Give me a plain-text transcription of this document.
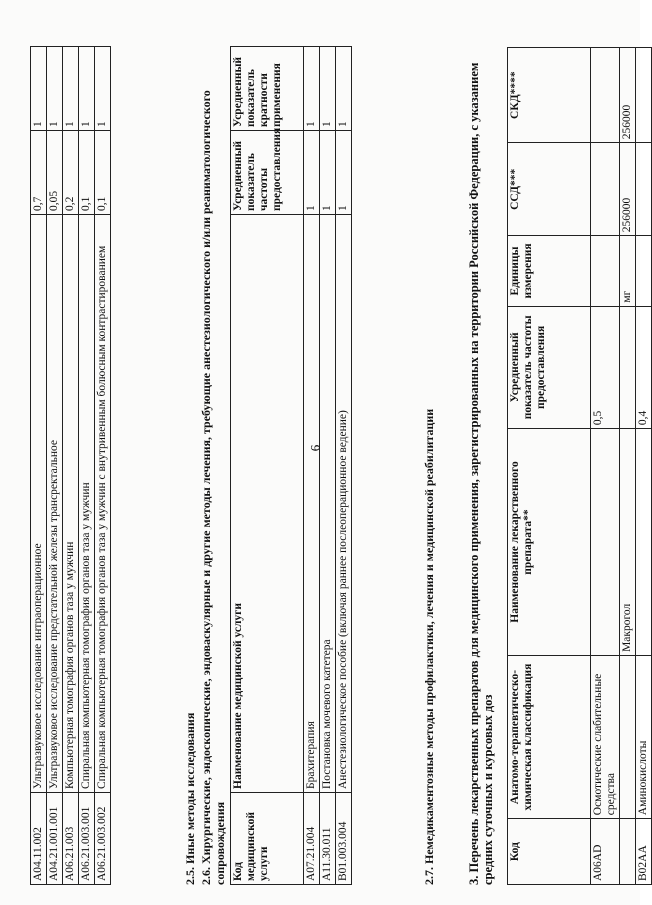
A04.11.002	Ультразвуковое исследование интраоперационное	0,7	1
A04.21.001.001	Ультразвуковое исследование предстательной железы трансректальное	0,05	1
A06.21.003	Компьютерная томография органов таза у мужчин	0,2	1
A06.21.003.001	Спиральная компьютерная томография органов таза у мужчин	0,1	1
A06.21.003.002	Спиральная компьютерная томография органов таза у мужчин с внутривенным болюсным контрастированием	0,1	1
2.5. Иные методы исследования 2.6. Хирургические, эндоскопические, эндоваскулярные и другие методы лечения, требующие анестезиологического и/или реаниматологического сопровождения Код медицинской услуги	Наименование медицинской услуги	Усредненный показатель частоты предоставления	Усредненный показатель кратности применения
A07.21.004	Брахитерапия	1	1
A11.30.011	Постановка мочевого катетера	1	1
B01.003.004	Анестезиологическое пособие (включая раннее послеоперационное ведение)	1	1
2.7. Немедикаментозные методы профилактики, лечения и медицинской реабилитации 3. Перечень лекарственных препаратов для медицинского применения, зарегистрированных на территории Российской Федерации, с указанием средних суточных и курсовых доз Код	Анатомо-терапевтическо-химическая классификация	Наименование лекарственного препарата**	Усредненный показатель частоты предоставления	Единицы измерения	ССД***	СКД****
A06AD	Осмотические слабительные средства		0,5			
		Макрогол		мг	256000	256000
B02AA	Аминокислоты		0,4			
6
